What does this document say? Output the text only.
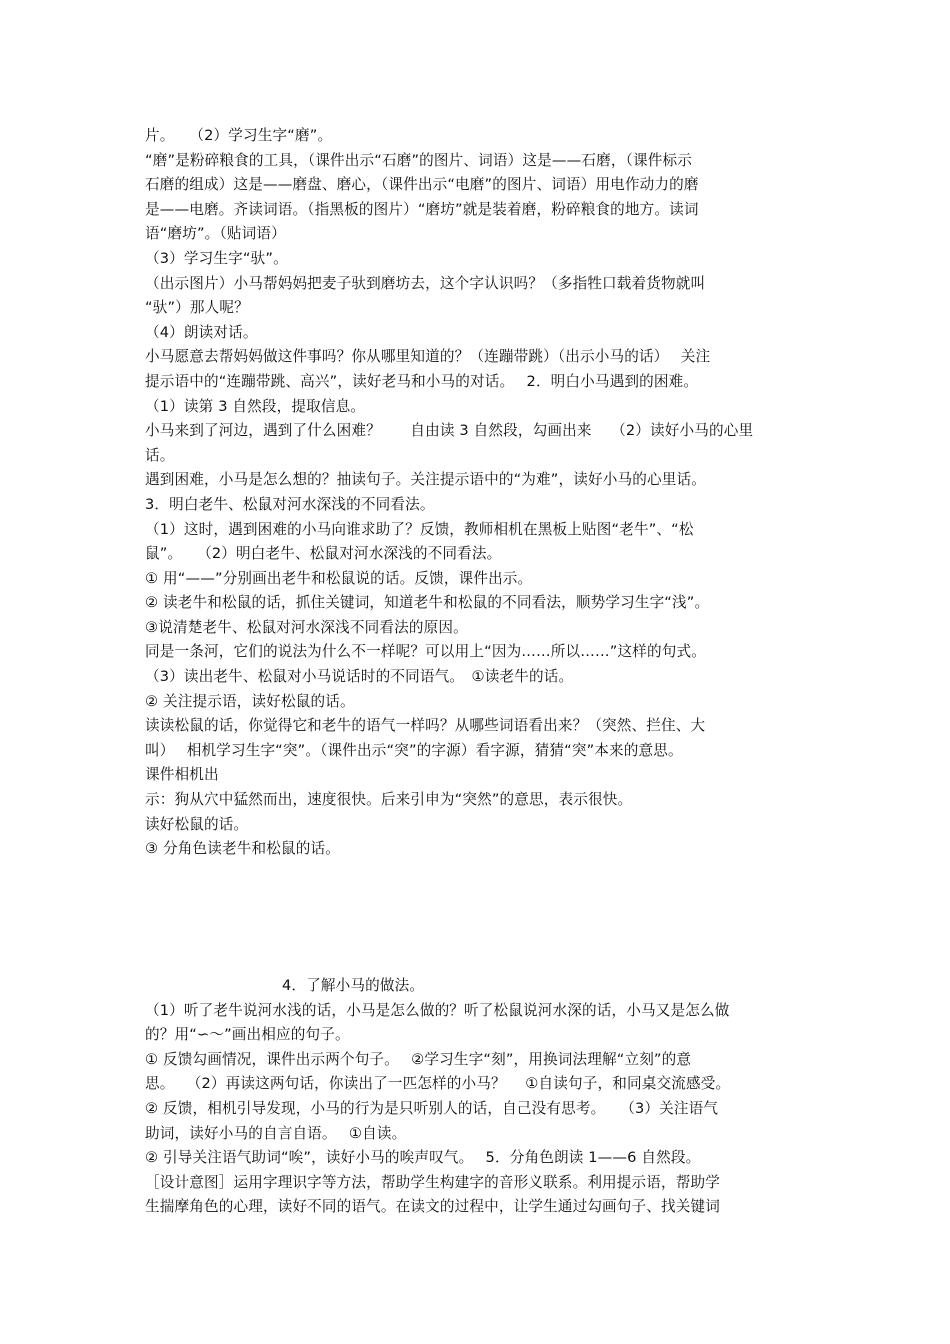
片。　　（2）学习生字“磨”。
“磨”是粉碎粮食的工具，（课件出示“石磨”的图片、词语）这是——石磨，（课件标示
石磨的组成）这是——磨盘、磨心，（课件出示“电磨”的图片、词语）用电作动力的磨
是——电磨。齐读词语。（指黑板的图片）“磨坊”就是装着磨，粉碎粮食的地方。读词
语“磨坊”。（贴词语）
（3）学习生字“驮”。
（出示图片）小马帮妈妈把麦子驮到磨坊去，这个字认识吗？（多指牲口载着货物就叫
“驮”）那人呢？
（4）朗读对话。
小马愿意去帮妈妈做这件事吗？你从哪里知道的？（连蹦带跳）（出示小马的话）　 关注
提示语中的“连蹦带跳、高兴”，读好老马和小马的对话。　 2．明白小马遇到的困难。
（1）读第 3 自然段，提取信息。
小马来到了河边，遇到了什么困难？　　自由读 3 自然段，勾画出来　 （2）读好小马的心里
话。
遇到困难，小马是怎么想的？抽读句子。关注提示语中的“为难”，读好小马的心里话。
3．明白老牛、松鼠对河水深浅的不同看法。
（1）这时，遇到困难的小马向谁求助了？反馈，教师相机在黑板上贴图“老牛”、“松
鼠”。　　（2）明白老牛、松鼠对河水深浅的不同看法。
① 用“——”分别画出老牛和松鼠说的话。反馈，课件出示。
② 读老牛和松鼠的话，抓住关键词，知道老牛和松鼠的不同看法，顺势学习生字“浅”。
③说清楚老牛、松鼠对河水深浅不同看法的原因。
同是一条河，它们的说法为什么不一样呢？可以用上“因为……所以……”这样的句式。
（3）读出老牛、松鼠对小马说话时的不同语气。　①读老牛的话。
② 关注提示语，读好松鼠的话。
读读松鼠的话，你觉得它和老牛的语气一样吗？从哪些词语看出来？（突然、拦住、大
叫）　 相机学习生字“突”。（课件出示“突”的字源）看字源，猜猜“突”本来的意思。
课件相机出
示：狗从穴中猛然而出，速度很快。后来引申为“突然”的意思，表示很快。
读好松鼠的话。
③ 分角色读老牛和松鼠的话。
4．了解小马的做法。
（1）听了老牛说河水浅的话，小马是怎么做的？听了松鼠说河水深的话，小马又是怎么做
的？用“∽～”画出相应的句子。
① 反馈勾画情况，课件出示两个句子。　 ②学习生字“刻”，用换词法理解“立刻”的意
思。　 （2）再读这两句话，你读出了一匹怎样的小马？　 ①自读句子，和同桌交流感受。
② 反馈，相机引导发现，小马的行为是只听别人的话，自己没有思考。　　（3）关注语气
助词，读好小马的自言自语。　 ①自读。
② 引导关注语气助词“唉”，读好小马的唉声叹气。　 5．分角色朗读 1——6 自然段。
［设计意图］运用字理识字等方法，帮助学生构建字的音形义联系。利用提示语，帮助学
生揣摩角色的心理，读好不同的语气。在读文的过程中，让学生通过勾画句子、找关键词
